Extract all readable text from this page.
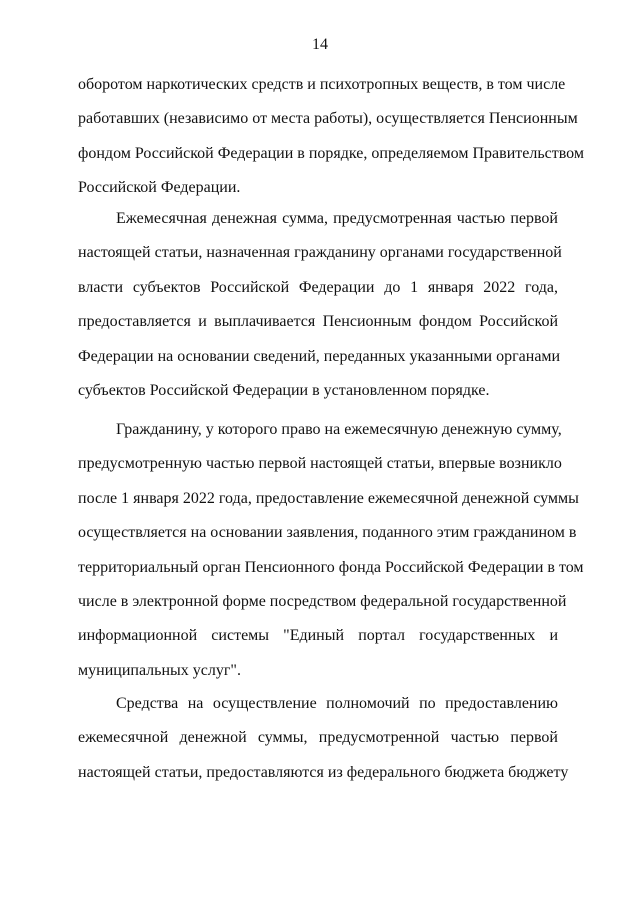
14
оборотом наркотических средств и психотропных веществ, в том числе
работавших (независимо от места работы), осуществляется Пенсионным
фондом Российской Федерации в порядке, определяемом Правительством
Российской Федерации.
Ежемесячная денежная сумма, предусмотренная частью первой
настоящей статьи, назначенная гражданину органами государственной
власти субъектов Российской Федерации до 1 января 2022 года,
предоставляется и выплачивается Пенсионным фондом Российской
Федерации на основании сведений, переданных указанными органами
субъектов Российской Федерации в установленном порядке.
Гражданину, у которого право на ежемесячную денежную сумму,
предусмотренную частью первой настоящей статьи, впервые возникло
после 1 января 2022 года, предоставление ежемесячной денежной суммы
осуществляется на основании заявления, поданного этим гражданином в
территориальный орган Пенсионного фонда Российской Федерации в том
числе в электронной форме посредством федеральной государственной
информационной системы "Единый портал государственных и
муниципальных услуг".
Средства на осуществление полномочий по предоставлению
ежемесячной денежной суммы, предусмотренной частью первой
настоящей статьи, предоставляются из федерального бюджета бюджету
